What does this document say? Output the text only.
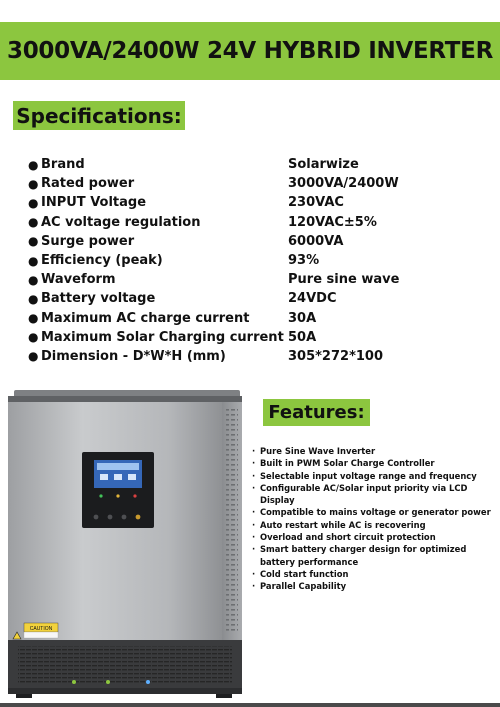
3000VA/2400W 24V HYBRID INVERTER
Specifications:
● Brand	Solarwize
● Rated power	3000VA/2400W
● INPUT Voltage	230VAC
● AC voltage regulation	120VAC±5%
● Surge power	6000VA
● Efficiency (peak)	93%
● Waveform	Pure sine wave
● Battery voltage	24VDC
● Maximum AC charge current	30A
● Maximum Solar Charging current 50A
● Dimension - D*W*H (mm)	305*272*100
CAUTION
Features:
· Pure Sine Wave Inverter
· Built in PWM Solar Charge Controller
· Selectable input voltage range and frequency
· Configurable AC/Solar input priority via LCD Display
· Compatible to mains voltage or generator power
· Auto restart while AC is recovering
· Overload and short circuit protection
· Smart battery charger design for optimized battery performance
· Cold start function
· Parallel Capability
